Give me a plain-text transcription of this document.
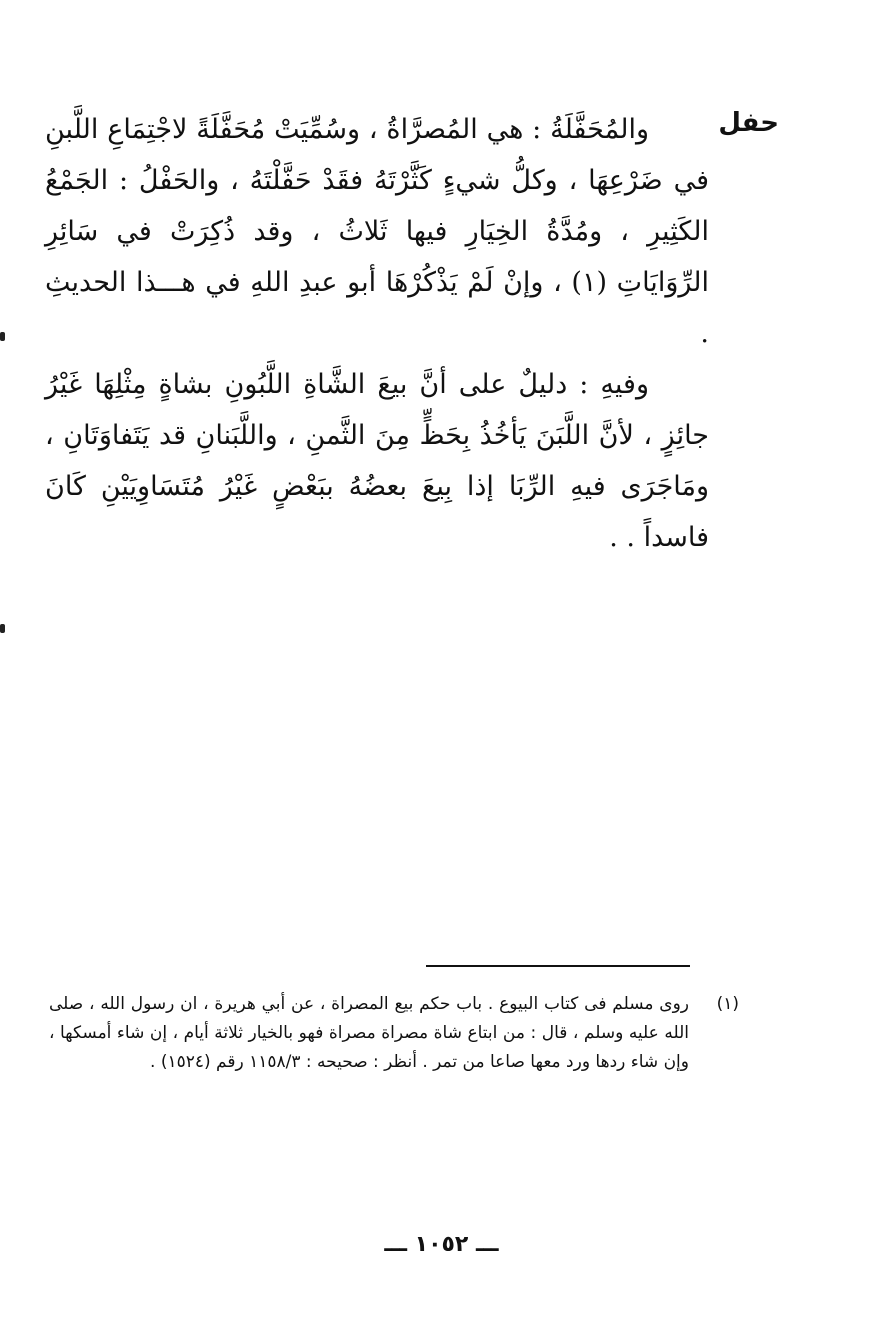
حفل

والمُحَفَّلَةُ : هي المُصرَّاةُ ، وسُمِّيَتْ مُحَفَّلَةً لاجْتِمَاعِ اللَّبنِ في ضَرْعِهَا ، وكلُّ شيءٍ كَثَّرْتَهُ فقَدْ حَفَّلْتَهُ ، والحَفْلُ : الجَمْعُ الكَثِيرِ ، ومُدَّةُ الخِيَارِ فيها ثَلاثُ ، وقد ذُكِرَتْ في سَائِرِ الرِّوَايَاتِ (١) ، وإنْ لَمْ يَذْكُرْهَا أبو عبدِ اللهِ في هـــذا الحديثِ .

وفيهِ : دليلٌ على أنَّ بيعَ الشَّاةِ اللَّبُونِ بشاةٍ مِثْلِهَا غَيْرُ جائِزٍ ، لأنَّ اللَّبَنَ يَأخُذُ بِحَظٍّ مِنَ الثَّمنِ ، واللَّبَنانِ قد يَتَفاوَتَانِ ، ومَاجَرَى فيهِ الرِّبَا إذا بِيعَ بعضُهُ ببَعْضٍ غَيْرُ مُتَسَاوِيَيْنِ كَانَ فاسداً . .

(١)

روى مسلم فى كتاب البيوع . باب حكم بيع المصراة ، عن أبي هريرة ، ان رسول الله ، صلى الله عليه وسلم ، قال : من ابتاع شاة مصراة مصراة فهو بالخيار ثلاثة أيام ، إن شاء أمسكها ، وإن شاء ردها ورد معها صاعا من تمر . أنظر : صحيحه : ١١٥٨/٣ رقم (١٥٢٤) .

ـــ ١٠٥٢ ـــ
